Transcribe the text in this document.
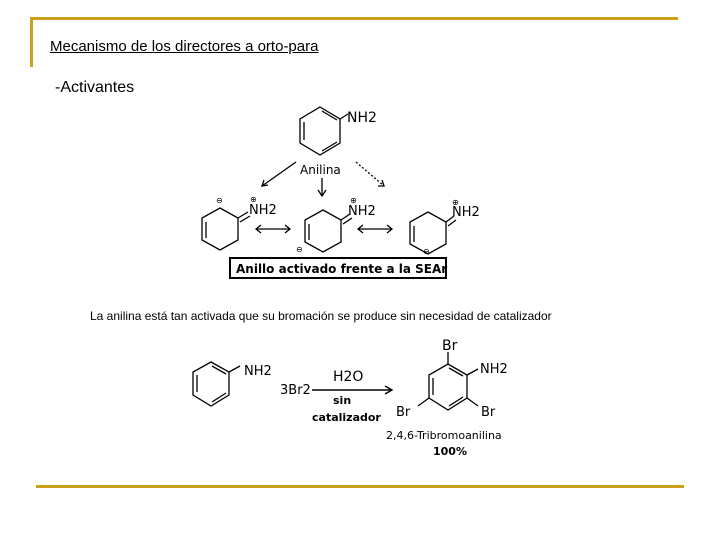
Mecanismo de los directores a orto-para
-Activantes
NH2
Anilina
NH2	NH2	NH2
⊕	⊕	⊕
⊖
⊖	⊖
Anillo activado frente a la SEAr
NH2
3Br2
H2O
sin
catalizador
Br
NH2
Br	Br
2,4,6-Tribromoanilina
100%
La anilina está tan activada que su bromación se produce sin necesidad de catalizador
